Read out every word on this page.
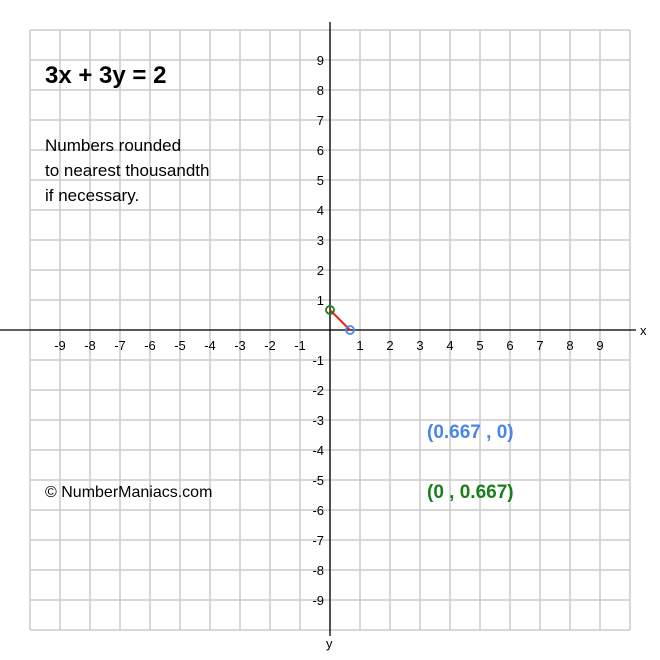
x
y
-9 -8 -7 -6 -5 -4 -3 -2 -1	1 2 3 4 5 6 7 8 9
9
8
7
6
5
4
3
2
1
-1
-2
-3
-4
-5
-6
-7
-8
-9
3x + 3y = 2
Numbers rounded
to nearest thousandth
if necessary.
© NumberManiacs.com
(0.667 , 0)
(0 , 0.667)
